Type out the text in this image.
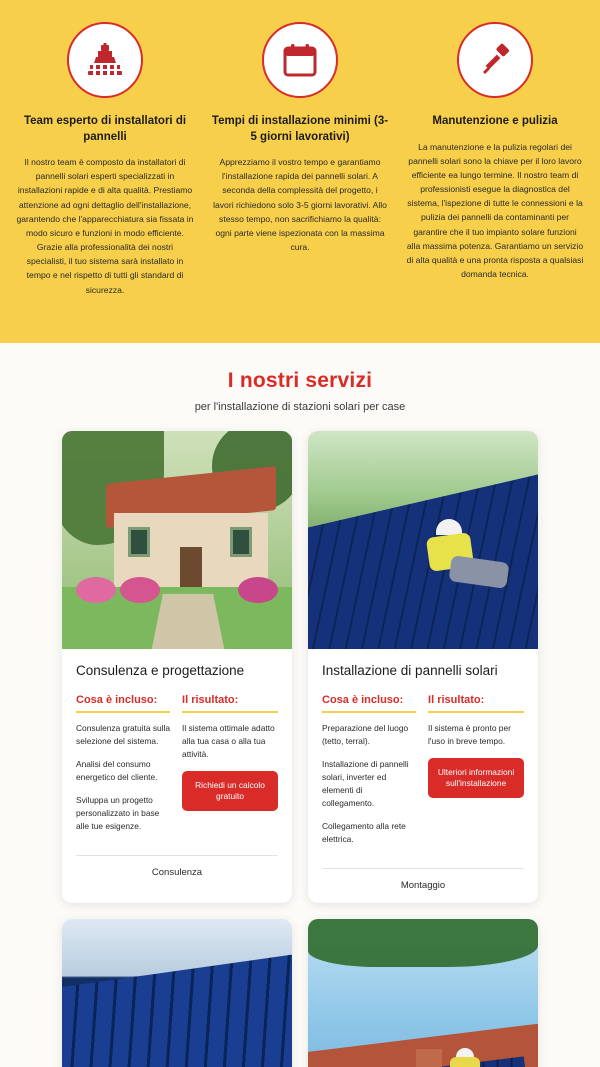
Team esperto di installatori di pannelli
Il nostro team è composto da installatori di pannelli solari esperti specializzati in installazioni rapide e di alta qualità. Prestiamo attenzione ad ogni dettaglio dell'installazione, garantendo che l'apparecchiatura sia fissata in modo sicuro e funzioni in modo efficiente. Grazie alla professionalità dei nostri specialisti, il tuo sistema sarà installato in tempo e nel rispetto di tutti gli standard di sicurezza.
Tempi di installazione minimi (3-5 giorni lavorativi)
Apprezziamo il vostro tempo e garantiamo l'installazione rapida dei pannelli solari. A seconda della complessità del progetto, i lavori richiedono solo 3-5 giorni lavorativi. Allo stesso tempo, non sacrifichiamo la qualità: ogni parte viene ispezionata con la massima cura.
Manutenzione e pulizia
La manutenzione e la pulizia regolari dei pannelli solari sono la chiave per il loro lavoro efficiente ea lungo termine. Il nostro team di professionisti esegue la diagnostica del sistema, l'ispezione di tutte le connessioni e la pulizia dei pannelli da contaminanti per garantire che il tuo impianto solare funzioni alla massima potenza. Garantiamo un servizio di alta qualità e una pronta risposta a qualsiasi domanda tecnica.
I nostri servizi
per l'installazione di stazioni solari per case
Consulenza e progettazione
Cosa è incluso:
Consulenza gratuita sulla selezione del sistema.
Analisi del consumo energetico del cliente.
Sviluppa un progetto personalizzato in base alle tue esigenze.
Il risultato:
Il sistema ottimale adatto alla tua casa o alla tua attività.
Richiedi un calcolo gratuito
Consulenza
Installazione di pannelli solari
Cosa è incluso:
Preparazione del luogo (tetto, terral).
Installazione di pannelli solari, inverter ed elementi di collegamento.
Collegamento alla rete elettrica.
Il risultato:
Il sistema è pronto per l'uso in breve tempo.
Ulteriori informazioni sull'installazione
Montaggio
